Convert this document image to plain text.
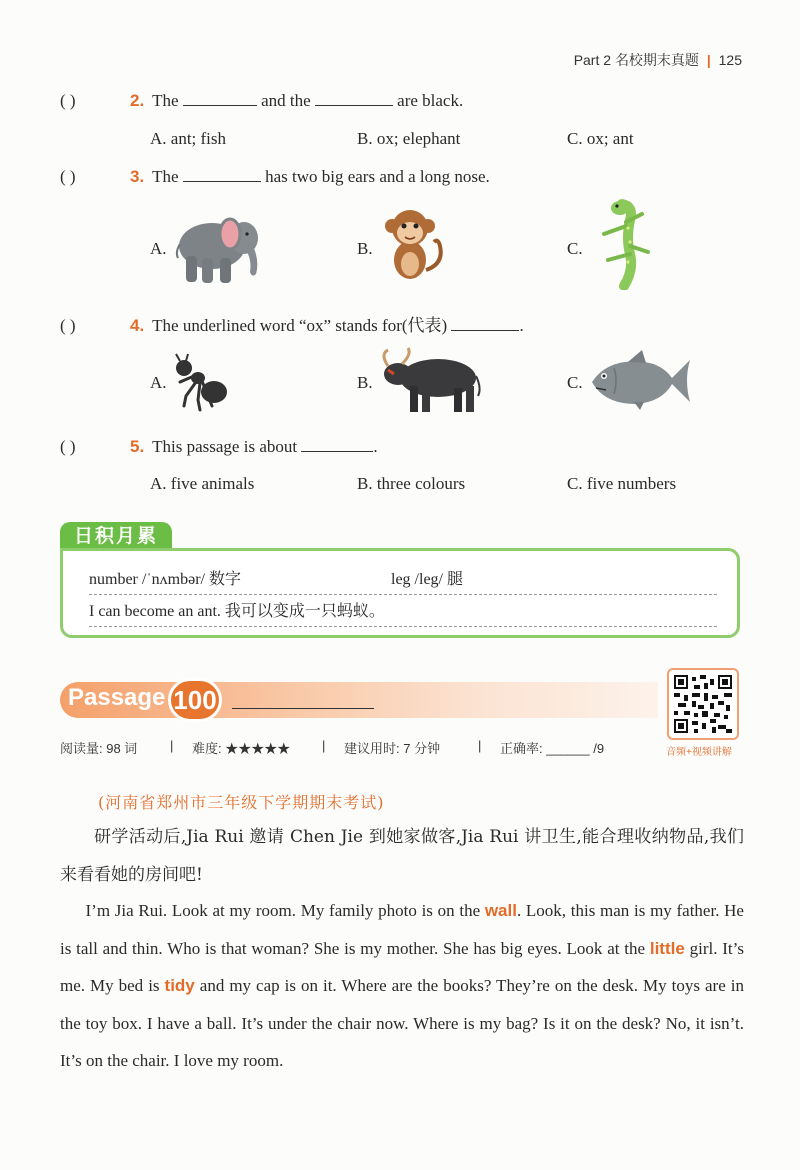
Part 2 名校期末真题 | 125
( )	2. The	and the	are black.
A. ant; fish	B. ox; elephant	C. ox; ant
( )	3. The	has two big ears and a long nose.
A.	B.	C.
( )	4. The underlined word “ox” stands for(代表)	.
A.	B.	C.
( )	5. This passage is about	.
A. five animals	B. three colours	C. five numbers
日积月累
number /ˈnʌmbər/ 数字	leg /leg/ 腿
I can become an ant. 我可以变成一只蚂蚁。
Passage 100
音频+视频讲解
阅读量: 98 词	| 难度: ★★★★★ | 建议用时: 7 分钟	| 正确率: ______ /9
(河南省郑州市三年级下学期期末考试)
研学活动后,Jia Rui 邀请 Chen Jie 到她家做客,Jia Rui 讲卫生,能合理收纳物品,我们来看看她的房间吧!
I’m Jia Rui. Look at my room. My family photo is on the wall. Look, this man is my father. He is tall and thin. Who is that woman? She is my mother. She has big eyes. Look at the little girl. It’s me. My bed is tidy and my cap is on it. Where are the books? They’re on the desk. My toys are in the toy box. I have a ball. It’s under the chair now. Where is my bag? Is it on the desk? No, it isn’t. It’s on the chair. I love my room.
